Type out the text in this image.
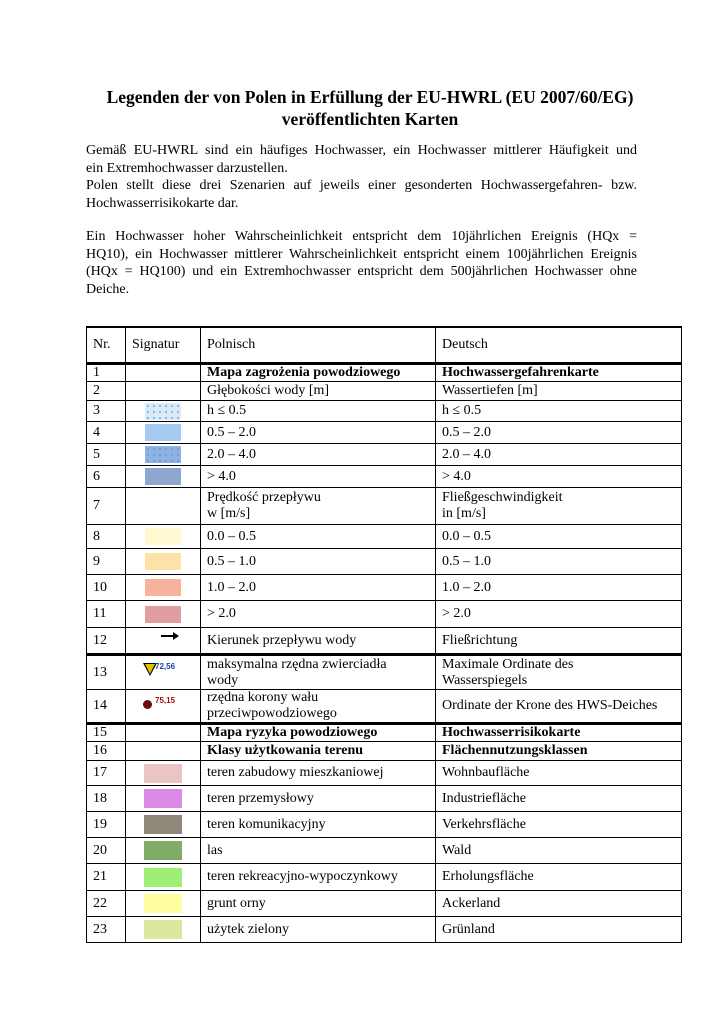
Legenden der von Polen in Erfüllung der EU-HWRL (EU 2007/60/EG)
veröffentlichten Karten
Gemäß EU-HWRL sind ein häufiges Hochwasser, ein Hochwasser mittlerer Häufigkeit und
ein Extremhochwasser darzustellen.
Polen stellt diese drei Szenarien auf jeweils einer gesonderten Hochwassergefahren- bzw.
Hochwasserrisikokarte dar.
Ein Hochwasser hoher Wahrscheinlichkeit entspricht dem 10jährlichen Ereignis (HQx =
HQ10), ein Hochwasser mittlerer Wahrscheinlichkeit entspricht einem 100jährlichen Ereignis
(HQx = HQ100) und ein Extremhochwasser entspricht dem 500jährlichen Hochwasser ohne
Deiche.
Nr.	Signatur	Polnisch	Deutsch
1		Mapa zagrożenia powodziowego	Hochwassergefahrenkarte
2		Głębokości wody [m]	Wassertiefen [m]
3		h ≤ 0.5	h ≤ 0.5
4		0.5 – 2.0	0.5 – 2.0
5		2.0 – 4.0	2.0 – 4.0
6		> 4.0	> 4.0
7		Prędkość przepływu
w [m/s]	Fließgeschwindigkeit
in [m/s]

8		0.0 – 0.5	0.0 – 0.5
9		0.5 – 1.0	0.5 – 1.0
10		1.0 – 2.0	1.0 – 2.0
11		> 2.0	> 2.0
12		Kierunek przepływu wody	Fließrichtung
13	72,56	maksymalna rzędna zwierciadła
wody	Maximale Ordinate des
Wasserspiegels

14	75,15	rzędna korony wału
przeciwpowodziowego	Ordinate der Krone des HWS-Deiches
15		Mapa ryzyka powodziowego	Hochwasserrisikokarte
16		Klasy użytkowania terenu	Flächennutzungsklassen
17		teren zabudowy mieszkaniowej	Wohnbaufläche
18		teren przemysłowy	Industriefläche
19		teren komunikacyjny	Verkehrsfläche
20		las	Wald
21		teren rekreacyjno-wypoczynkowy	Erholungsfläche
22		grunt orny	Ackerland
23		użytek zielony	Grünland
